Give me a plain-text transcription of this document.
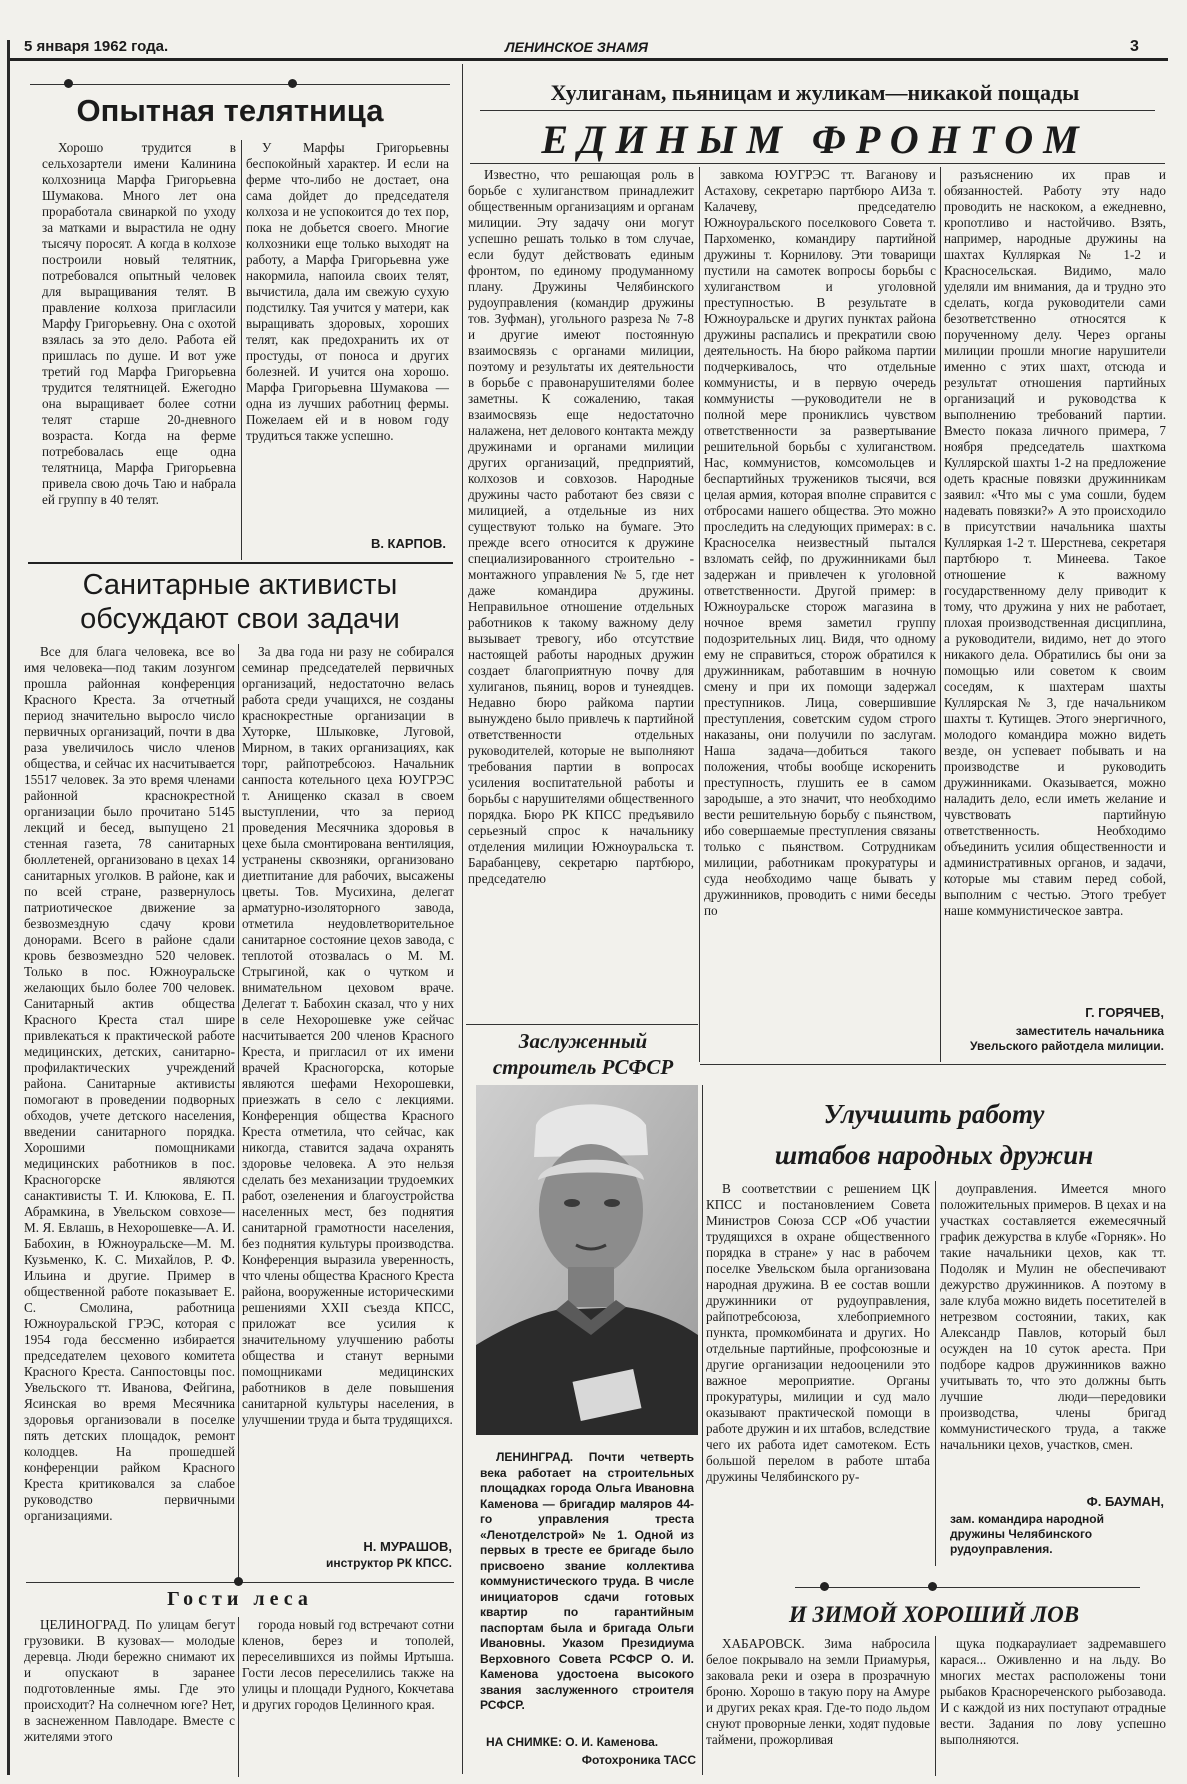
5 января 1962 года.	ЛЕНИНСКОЕ ЗНАМЯ	3
Опытная телятница
Хорошо трудится в сельхозартели имени Калинина колхозница Марфа Григорьевна Шумакова. Много лет она проработала свинаркой по уходу за матками и вырастила не одну тысячу поросят. А когда в колхозе построили новый телятник, потребовался опытный человек для выращивания телят. В правление колхоза пригласили Марфу Григорьевну. Она с охотой взялась за это дело. Работа ей пришлась по душе. И вот уже третий год Марфа Григорьевна трудится телятницей. Ежегодно она выращивает более сотни телят старше 20-дневного возраста. Когда на ферме потребовалась еще одна телятница, Марфа Григорьевна привела свою дочь Таю и набрала ей группу в 40 телят.
У Марфы Григорьевны беспокойный характер. И если на ферме что-либо не достает, она сама дойдет до председателя колхоза и не успокоится до тех пор, пока не добьется своего. Многие колхозники еще только выходят на работу, а Марфа Григорьевна уже накормила, напоила своих телят, вычистила, дала им свежую сухую подстилку. Тая учится у матери, как выращивать здоровых, хороших телят, как предохранить их от простуды, от поноса и других болезней. И учится она хорошо. Марфа Григорьевна Шумакова — одна из лучших работниц фермы. Пожелаем ей и в новом году трудиться также успешно.
В. КАРПОВ.
Санитарные активисты
обсуждают свои задачи
Все для блага человека, все во имя человека—под таким лозунгом прошла районная конференция Красного Креста. За отчетный период значительно выросло число первичных организаций, почти в два раза увеличилось число членов общества, и сейчас их насчитывается 15517 человек. За это время членами районной краснокрестной организации было прочитано 5145 лекций и бесед, выпущено 21 стенная газета, 78 санитарных бюллетеней, организовано в цехах 14 санитарных уголков. В районе, как и по всей стране, развернулось патриотическое движение за безвозмездную сдачу крови донорами. Всего в районе сдали кровь безвозмездно 520 человек. Только в пос. Южноуральске желающих было более 700 человек. Санитарный актив общества Красного Креста стал шире привлекаться к практической работе медицинских, детских, санитарно-профилактических учреждений района. Санитарные активисты помогают в проведении подворных обходов, учете детского населения, введении санитарного порядка. Хорошими помощниками медицинских работников в пос. Красногорске являются санактивисты Т. И. Клюкова, Е. П. Абрамкина, в Увельском совхозе—М. Я. Евлашь, в Нехорошевке—А. И. Бабохин, в Южноуральске—М. М. Кузьменко, К. С. Михайлов, Р. Ф. Ильина и другие. Пример в общественной работе показывает Е. С. Смолина, работница Южноуральской ГРЭС, которая с 1954 года бессменно избирается председателем цехового комитета Красного Креста. Санпостовцы пос. Увельского тт. Иванова, Фейгина, Ясинская во время Месячника здоровья организовали в поселке пять детских площадок, ремонт колодцев. На прошедшей конференции райком Красного Креста критиковался за слабое руководство первичными организациями.
За два года ни разу не собирался семинар председателей первичных организаций, недостаточно велась работа среди учащихся, не созданы краснокрестные организации в Хуторке, Шлыковке, Луговой, Мирном, в таких организациях, как торг, райпотребсоюз. Начальник санпоста котельного цеха ЮУГРЭС т. Анищенко сказал в своем выступлении, что за период проведения Месячника здоровья в цехе была смонтирована вентиляция, устранены сквозняки, организовано диетпитание для рабочих, высажены цветы. Тов. Мусихина, делегат арматурно-изоляторного завода, отметила неудовлетворительное санитарное состояние цехов завода, с теплотой отозвалась о М. М. Стрыгиной, как о чутком и внимательном цеховом враче. Делегат т. Бабохин сказал, что у них в селе Нехорошевке уже сейчас насчитывается 200 членов Красного Креста, и пригласил от их имени врачей Красногорска, которые являются шефами Нехорошевки, приезжать в село с лекциями. Конференция общества Красного Креста отметила, что сейчас, как никогда, ставится задача охранять здоровье человека. А это нельзя сделать без механизации трудоемких работ, озеленения и благоустройства населенных мест, без поднятия санитарной грамотности населения, без поднятия культуры производства. Конференция выразила уверенность, что члены общества Красного Креста района, вооруженные историческими решениями XXII съезда КПСС, приложат все усилия к значительному улучшению работы общества и станут верными помощниками медицинских работников в деле повышения санитарной культуры населения, в улучшении труда и быта трудящихся.
Н. МУРАШОВ,
инструктор РК КПСС.
Гости леса
ЦЕЛИНОГРАД. По улицам бегут грузовики. В кузовах— молодые деревца. Люди бережно снимают их и опускают в заранее подготовленные ямы. Где это происходит? На солнечном юге? Нет, в заснеженном Павлодаре. Вместе с жителями этого
города новый год встречают сотни кленов, берез и тополей, переселившихся из поймы Иртыша. Гости лесов переселились также на улицы и площади Рудного, Кокчетава и других городов Целинного края.
Хулиганам, пьяницам и жуликам—никакой пощады
ЕДИНЫМ ФРОНТОМ
Известно, что решающая роль в борьбе с хулиганством принадлежит общественным организациям и органам милиции. Эту задачу они могут успешно решать только в том случае, если будут действовать единым фронтом, по единому продуманному плану. Дружины Челябинского рудоуправления (командир дружины тов. Зуфман), угольного разреза № 7-8 и другие имеют постоянную взаимосвязь с органами милиции, поэтому и результаты их деятельности в борьбе с правонарушителями более заметны. К сожалению, такая взаимосвязь еще недостаточно налажена, нет делового контакта между дружинами и органами милиции других организаций, предприятий, колхозов и совхозов. Народные дружины часто работают без связи с милицией, а отдельные из них существуют только на бумаге. Это прежде всего относится к дружине специализированного строительно - монтажного управления № 5, где нет даже командира дружины. Неправильное отношение отдельных работников к такому важному делу вызывает тревогу, ибо отсутствие настоящей работы народных дружин создает благоприятную почву для хулиганов, пьяниц, воров и тунеядцев. Недавно бюро райкома партии вынуждено было привлечь к партийной ответственности отдельных руководителей, которые не выполняют требования партии в вопросах усиления воспитательной работы и борьбы с нарушителями общественного порядка. Бюро РК КПСС предъявило серьезный спрос к начальнику отделения милиции Южноуральска т. Барабанцеву, секретарю партбюро, председателю
завкома ЮУГРЭС тт. Ваганову и Астахову, секретарю партбюро АИЗа т. Калачеву, председателю Южноуральского поселкового Совета т. Пархоменко, командиру партийной дружины т. Корнилову. Эти товарищи пустили на самотек вопросы борьбы с хулиганством и уголовной преступностью. В результате в Южноуральске и других пунктах района дружины распались и прекратили свою деятельность. На бюро райкома партии подчеркивалось, что отдельные коммунисты, и в первую очередь коммунисты —руководители не в полной мере прониклись чувством ответственности за развертывание решительной борьбы с хулиганством. Нас, коммунистов, комсомольцев и беспартийных тружеников тысячи, вся целая армия, которая вполне справится с отбросами нашего общества. Это можно проследить на следующих примерах: в с. Красноселка неизвестный пытался взломать сейф, по дружинниками был задержан и привлечен к уголовной ответственности. Другой пример: в Южноуральске сторож магазина в ночное время заметил группу подозрительных лиц. Видя, что одному ему не справиться, сторож обратился к дружинникам, работавшим в ночную смену и при их помощи задержал преступников. Лица, совершившие преступления, советским судом строго наказаны, они получили по заслугам. Наша задача—добиться такого положения, чтобы вообще искоренить преступность, глушить ее в самом зародыше, а это значит, что необходимо вести решительную борьбу с пьянством, ибо совершаемые преступления связаны только с пьянством. Сотрудникам милиции, работникам прокуратуры и суда необходимо чаще бывать у дружинников, проводить с ними беседы по
разъяснению их прав и обязанностей. Работу эту надо проводить не наскоком, а ежедневно, кропотливо и настойчиво. Взять, например, народные дружины на шахтах Кулляркая № 1-2 и Красносельская. Видимо, мало уделяли им внимания, да и трудно это сделать, когда руководители сами безответственно относятся к порученному делу. Через органы милиции прошли многие нарушители именно с этих шахт, отсюда и результат отношения партийных организаций и руководства к выполнению требований партии. Вместо показа личного примера, 7 ноября председатель шахткома Куллярской шахты 1-2 на предложение одеть красные повязки дружинникам заявил: «Что мы с ума сошли, будем надевать повязки?» А это происходило в присутствии начальника шахты Кулляркая 1-2 т. Шерстнева, секретаря партбюро т. Минеева. Такое отношение к важному государственному делу приводит к тому, что дружина у них не работает, плохая производственная дисциплина, а руководители, видимо, нет до этого никакого дела. Обратились бы они за помощью или советом к своим соседям, к шахтерам шахты Куллярская № 3, где начальником шахты т. Кутищев. Этого энергичного, молодого командира можно видеть везде, он успевает побывать и на производстве и руководить дружинниками. Оказывается, можно наладить дело, если иметь желание и чувствовать партийную ответственность. Необходимо объединить усилия общественности и административных органов, и задачи, которые мы ставим перед собой, выполним с честью. Этого требует наше коммунистическое завтра.
Г. ГОРЯЧЕВ,
заместитель начальника Увельского райотдела милиции.
Заслуженный
строитель РСФСР
ЛЕНИНГРАД. Почти четверть века работает на строительных площадках города Ольга Ивановна Каменова — бригадир маляров 44-го управления треста «Ленотделстрой» № 1. Одной из первых в тресте ее бригаде было присвоено звание коллектива коммунистического труда. В числе инициаторов сдачи готовых квартир по гарантийным паспортам была и бригада Ольги Ивановны. Указом Президиума Верховного Совета РСФСР О. И. Каменова удостоена высокого звания заслуженного строителя РСФСР.
НА СНИМКЕ: О. И. Каменова.
Фотохроника ТАСС
Улучшить работу
штабов народных дружин
В соответствии с решением ЦК КПСС и постановлением Совета Министров Союза ССР «Об участии трудящихся в охране общественного порядка в стране» у нас в рабочем поселке Увельском была организована народная дружина. В ее состав вошли дружинники от рудоуправления, райпотребсоюза, хлебоприемного пункта, промкомбината и других. Но отдельные партийные, профсоюзные и другие организации недооценили это важное мероприятие. Органы прокуратуры, милиции и суд мало оказывают практической помощи в работе дружин и их штабов, вследствие чего их работа идет самотеком. Есть большой перелом в работе штаба дружины Челябинского ру-
доуправления. Имеется много положительных примеров. В цехах и на участках составляется ежемесячный график дежурства в клубе «Горняк». Но такие начальники цехов, как тт. Подоляк и Мулин не обеспечивают дежурство дружинников. А поэтому в зале клуба можно видеть посетителей в нетрезвом состоянии, таких, как Александр Павлов, который был осужден на 10 суток ареста. При подборе кадров дружинников важно учитывать то, что это должны быть лучшие люди—передовики производства, члены бригад коммунистического труда, а также начальники цехов, участков, смен.
Ф. БАУМАН,
зам. командира народной дружины Челябинского рудоуправления.
И ЗИМОЙ ХОРОШИЙ ЛОВ
ХАБАРОВСК. Зима набросила белое покрывало на земли Приамурья, заковала реки и озера в прозрачную броню. Хорошо в такую пору на Амуре и других реках края. Где-то подо льдом снуют проворные ленки, ходят пудовые таймени, прожорливая
щука подкараулиает задремавшего карася... Оживленно и на льду. Во многих местах расположены тони рыбаков Краснореченского рыбозавода. И с каждой из них поступают отрадные вести. Задания по лову успешно выполняются.
